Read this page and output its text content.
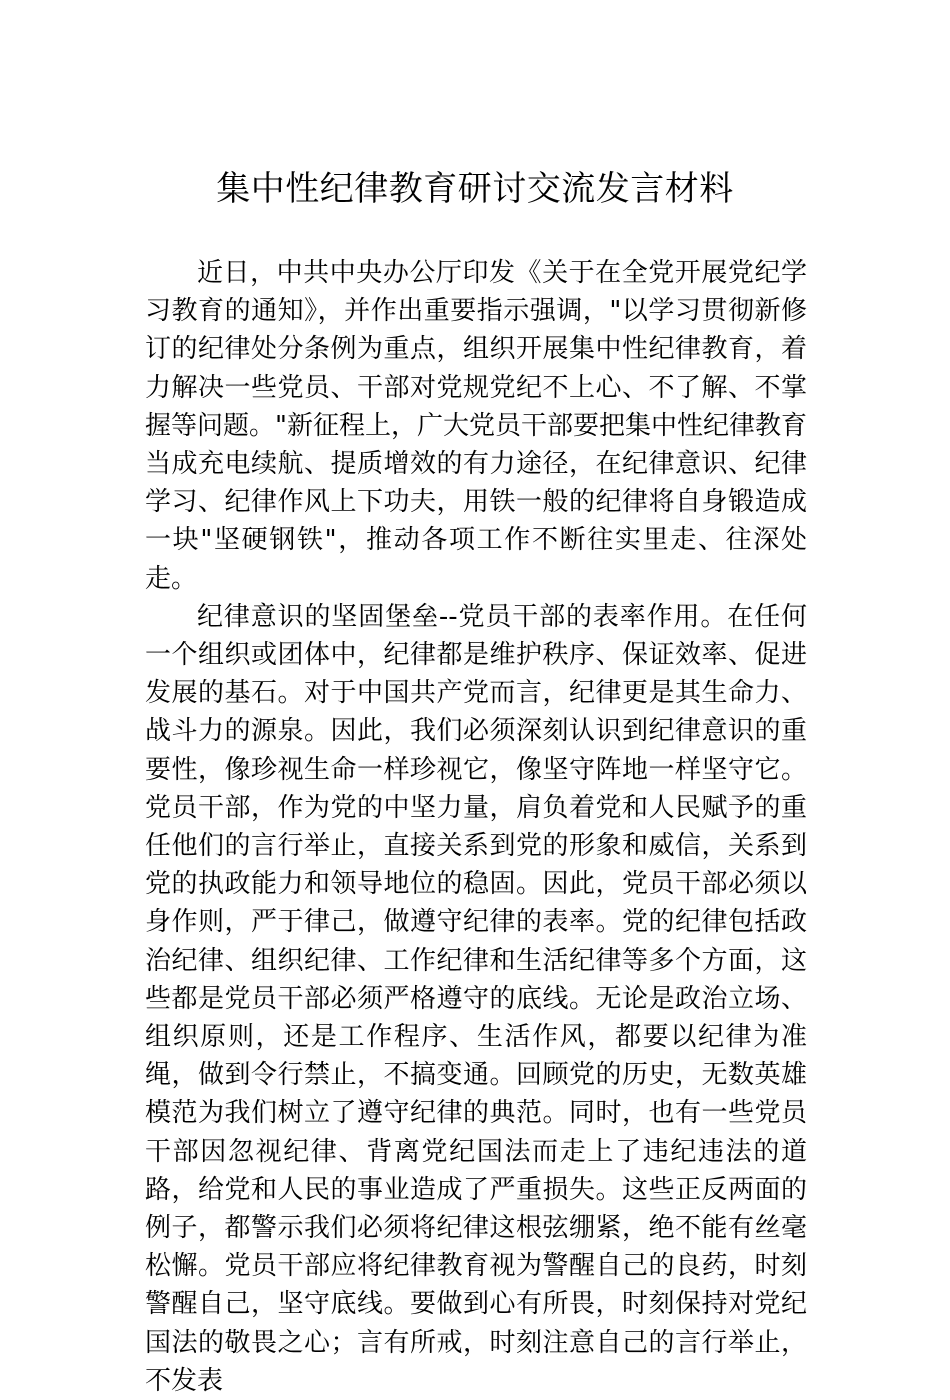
集中性纪律教育研讨交流发言材料

近日，中共中央办公厅印发《关于在全党开展党纪学习教育的通知》，并作出重要指示强调，"以学习贯彻新修订的纪律处分条例为重点，组织开展集中性纪律教育，着力解决一些党员、干部对党规党纪不上心、不了解、不掌握等问题。"新征程上，广大党员干部要把集中性纪律教育当成充电续航、提质增效的有力途径，在纪律意识、纪律学习、纪律作风上下功夫，用铁一般的纪律将自身锻造成一块"坚硬钢铁"，推动各项工作不断往实里走、往深处走。

纪律意识的坚固堡垒--党员干部的表率作用。在任何一个组织或团体中，纪律都是维护秩序、保证效率、促进发展的基石。对于中国共产党而言，纪律更是其生命力、战斗力的源泉。因此，我们必须深刻认识到纪律意识的重要性，像珍视生命一样珍视它，像坚守阵地一样坚守它。党员干部，作为党的中坚力量，肩负着党和人民赋予的重任他们的言行举止，直接关系到党的形象和威信，关系到党的执政能力和领导地位的稳固。因此，党员干部必须以身作则，严于律己，做遵守纪律的表率。党的纪律包括政治纪律、组织纪律、工作纪律和生活纪律等多个方面，这些都是党员干部必须严格遵守的底线。无论是政治立场、组织原则，还是工作程序、生活作风，都要以纪律为准绳，做到令行禁止，不搞变通。回顾党的历史，无数英雄模范为我们树立了遵守纪律的典范。同时，也有一些党员干部因忽视纪律、背离党纪国法而走上了违纪违法的道路，给党和人民的事业造成了严重损失。这些正反两面的例子，都警示我们必须将纪律这根弦绷紧，绝不能有丝毫松懈。党员干部应将纪律教育视为警醒自己的良药，时刻警醒自己，坚守底线。要做到心有所畏，时刻保持对党纪国法的敬畏之心；言有所戒，时刻注意自己的言行举止，不发表
